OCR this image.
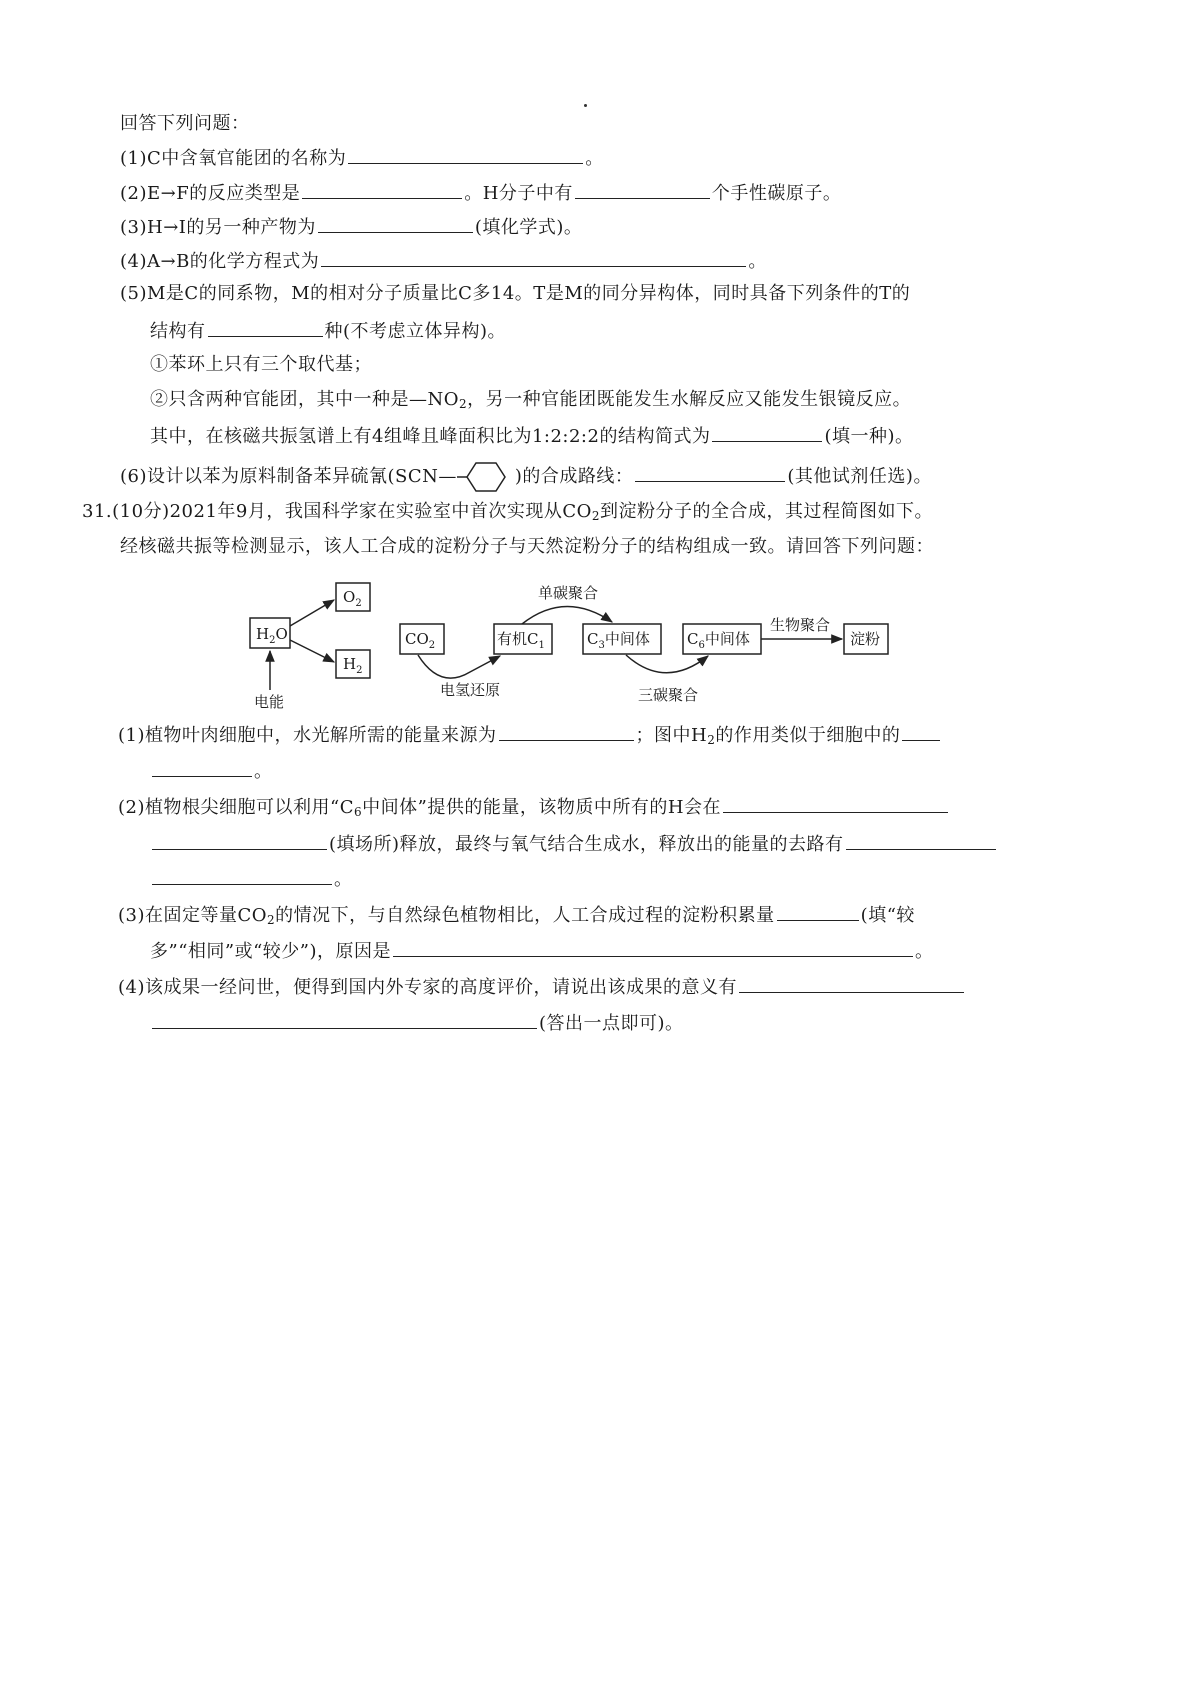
回答下列问题：
(1)C中含氧官能团的名称为	。
(2)E→F的反应类型是	。H分子中有	个手性碳原子。
(3)H→I的另一种产物为	(填化学式)。
(4)A→B的化学方程式为	。
(5)M是C的同系物，M的相对分子质量比C多14。T是M的同分异构体，同时具备下列条件的T的
结构有	种(不考虑立体异构)。
①苯环上只有三个取代基；
②只含两种官能团，其中一种是$—NO_2$，另一种官能团既能发生水解反应又能发生银镜反应。
其中，在核磁共振氢谱上有4组峰且峰面积比为1:2:2:2的结构简式为	(填一种)。
(6)设计以苯为原料制备苯异硫氰(SCN—	)的合成路线：	(其他试剂任选)。
31.(10分)2021年9月，我国科学家在实验室中首次实现从$CO_2$到淀粉分子的全合成，其过程简图如下。
经核磁共振等检测显示，该人工合成的淀粉分子与天然淀粉分子的结构组成一致。请回答下列问题：
$H_2O$
$O_2$
$H_2$
$CO_2$	有机$C_1$	$C_3$中间体 $C_6$中间体	淀粉
电能
电氢还原
单碳聚合
三碳聚合
生物聚合
(1)植物叶肉细胞中，水光解所需的能量来源为	；图中$H_2$的作用类似于细胞中的
。
(2)植物根尖细胞可以利用“$C_6$中间体”提供的能量，该物质中所有的H会在
(填场所)释放，最终与氧气结合生成水，释放出的能量的去路有
。
(3)在固定等量$CO_2$的情况下，与自然绿色植物相比，人工合成过程的淀粉积累量	(填“较
多”“相同”或“较少”)，原因是	。
(4)该成果一经问世，便得到国内外专家的高度评价，请说出该成果的意义有
(答出一点即可)。
